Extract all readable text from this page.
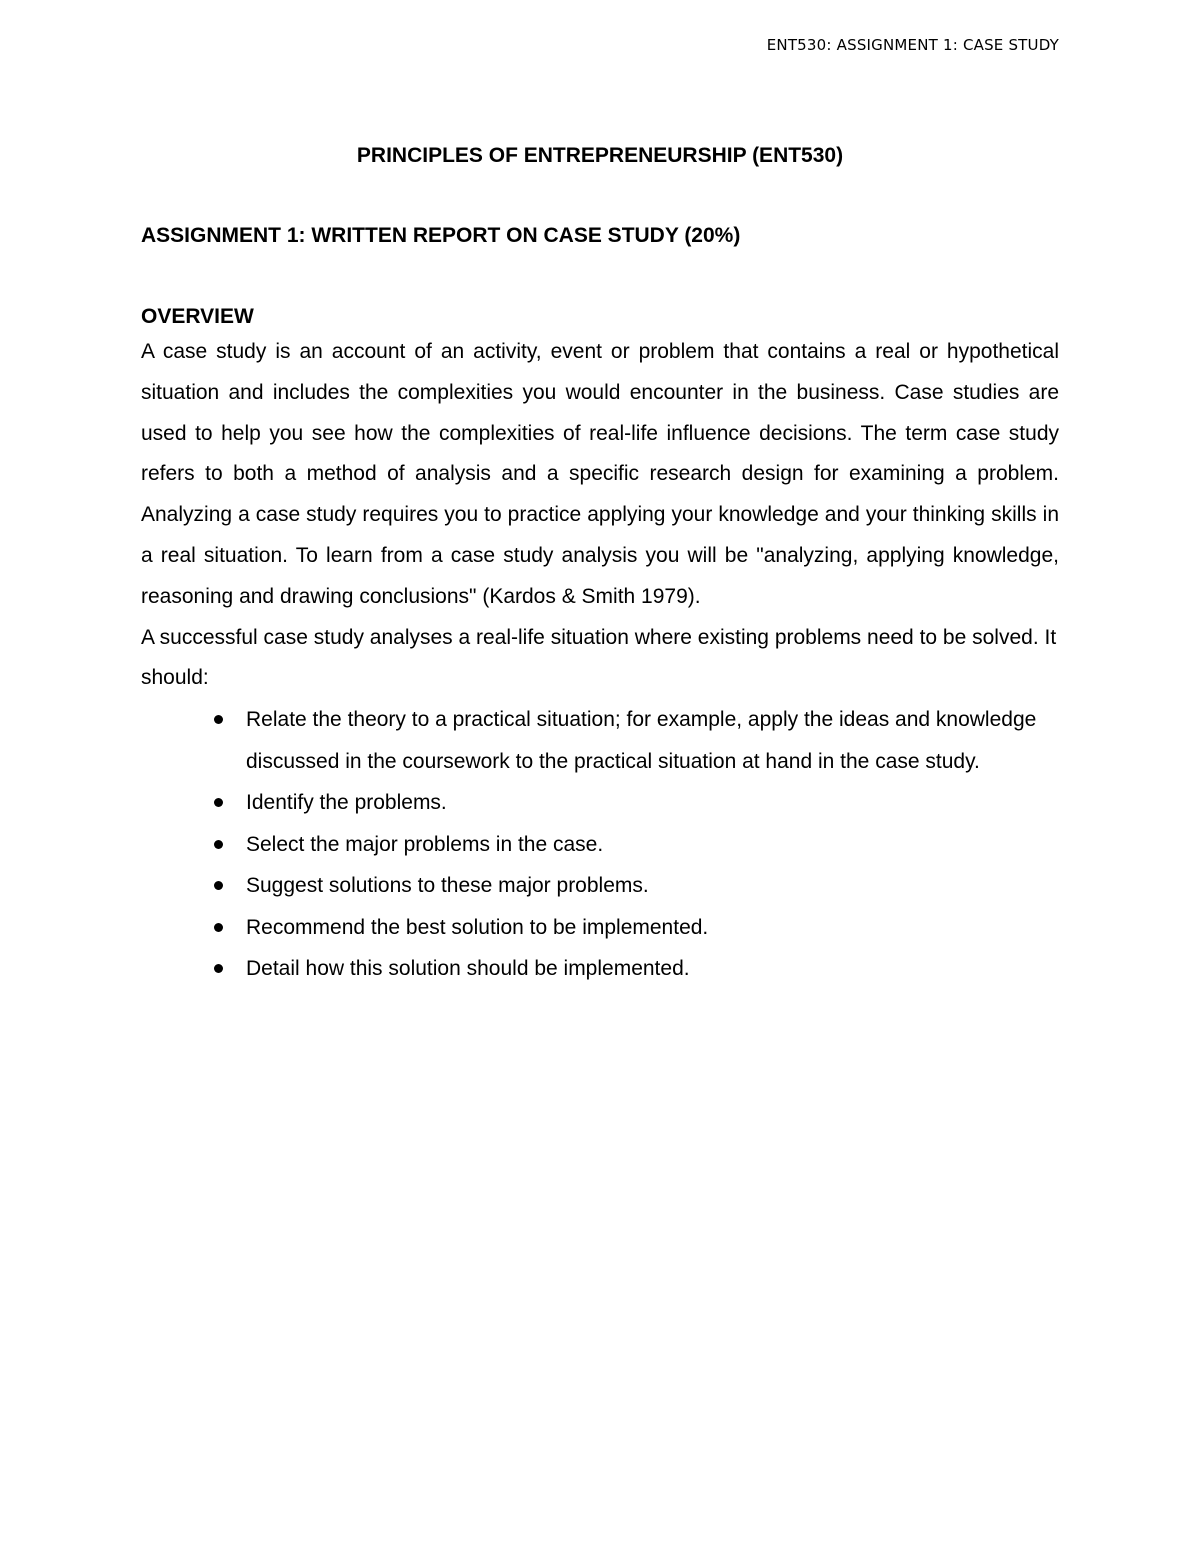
ENT530: ASSIGNMENT 1: CASE STUDY
PRINCIPLES OF ENTREPRENEURSHIP (ENT530)
ASSIGNMENT 1: WRITTEN REPORT ON CASE STUDY (20%)
OVERVIEW

A case study is an account of an activity, event or problem that contains a real or hypothetical situation and includes the complexities you would encounter in the business. Case studies are used to help you see how the complexities of real-life influence decisions. The term case study refers to both a method of analysis and a specific research design for examining a problem. Analyzing a case study requires you to practice applying your knowledge and your thinking skills in a real situation. To learn from a case study analysis you will be "analyzing, applying knowledge, reasoning and drawing conclusions" (Kardos & Smith 1979).

A successful case study analyses a real-life situation where existing problems need to be solved. It should:

Relate the theory to a practical situation; for example, apply the ideas and knowledge discussed in the coursework to the practical situation at hand in the case study.
Identify the problems.
Select the major problems in the case.
Suggest solutions to these major problems.
Recommend the best solution to be implemented.
Detail how this solution should be implemented.
